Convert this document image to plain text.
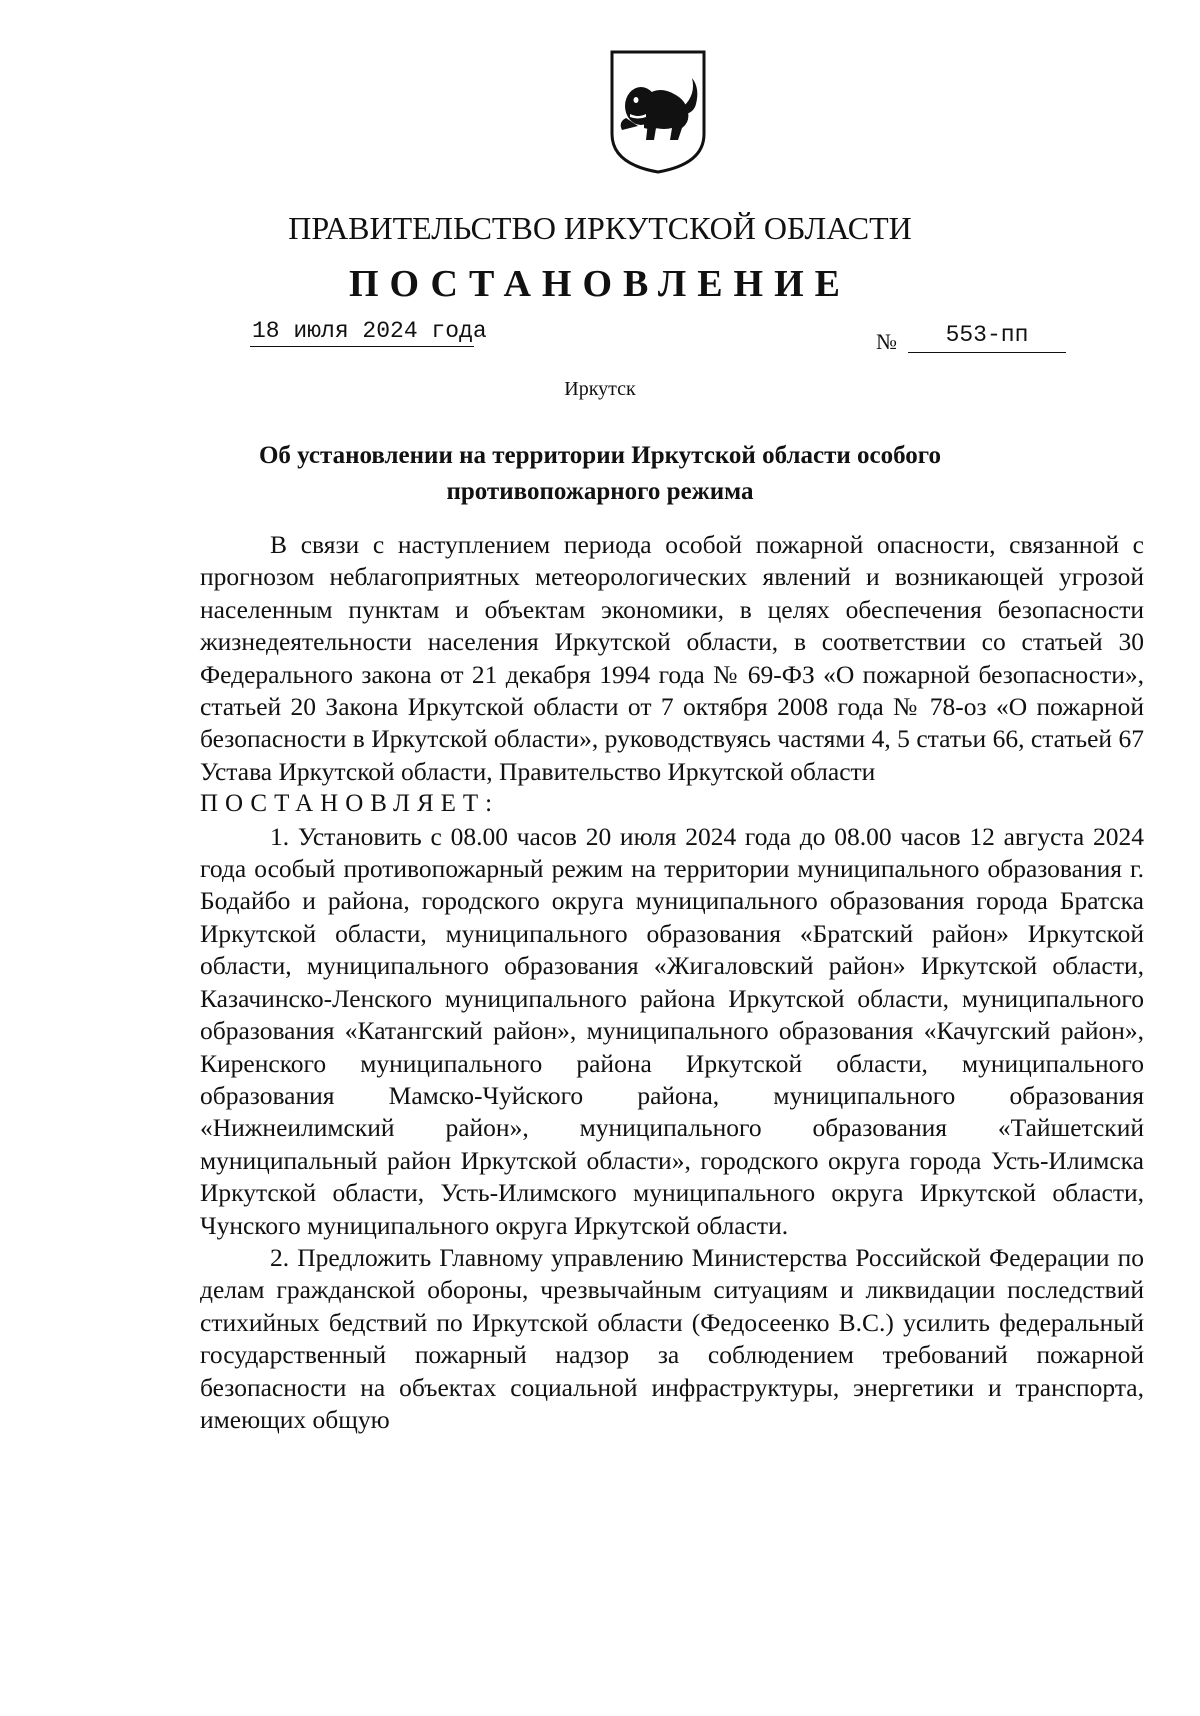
ПРАВИТЕЛЬСТВО ИРКУТСКОЙ ОБЛАСТИ
ПОСТАНОВЛЕНИЕ
18 июля 2024 года	№	553-пп
Иркутск
Об установлении на территории Иркутской области особого противопожарного режима

В связи с наступлением периода особой пожарной опасности, связанной с прогнозом неблагоприятных метеорологических явлений и возникающей угрозой населенным пунктам и объектам экономики, в целях обеспечения безопасности жизнедеятельности населения Иркутской области, в соответствии со статьей 30 Федерального закона от 21 декабря 1994 года № 69-ФЗ «О пожарной безопасности», статьей 20 Закона Иркутской области от 7 октября 2008 года № 78-оз «О пожарной безопасности в Иркутской области», руководствуясь частями 4, 5 статьи 66, статьей 67 Устава Иркутской области, Правительство Иркутской области

ПОСТАНОВЛЯЕТ:

1. Установить с 08.00 часов 20 июля 2024 года до 08.00 часов 12 августа 2024 года особый противопожарный режим на территории муниципального образования г. Бодайбо и района, городского округа муниципального образования города Братска Иркутской области, муниципального образования «Братский район» Иркутской области, муниципального образования «Жигаловский район» Иркутской области, Казачинско-Ленского муниципального района Иркутской области, муниципального образования «Катангский район», муниципального образования «Качугский район», Киренского муниципального района Иркутской области, муниципального образования Мамско-Чуйского района, муниципального образования «Нижнеилимский район», муниципального образования «Тайшетский муниципальный район Иркутской области», городского округа города Усть-Илимска Иркутской области, Усть-Илимского муниципального округа Иркутской области, Чунского муниципального округа Иркутской области.

2. Предложить Главному управлению Министерства Российской Федерации по делам гражданской обороны, чрезвычайным ситуациям и ликвидации последствий стихийных бедствий по Иркутской области (Федосеенко В.С.) усилить федеральный государственный пожарный надзор за соблюдением требований пожарной безопасности на объектах социальной инфраструктуры, энергетики и транспорта, имеющих общую
